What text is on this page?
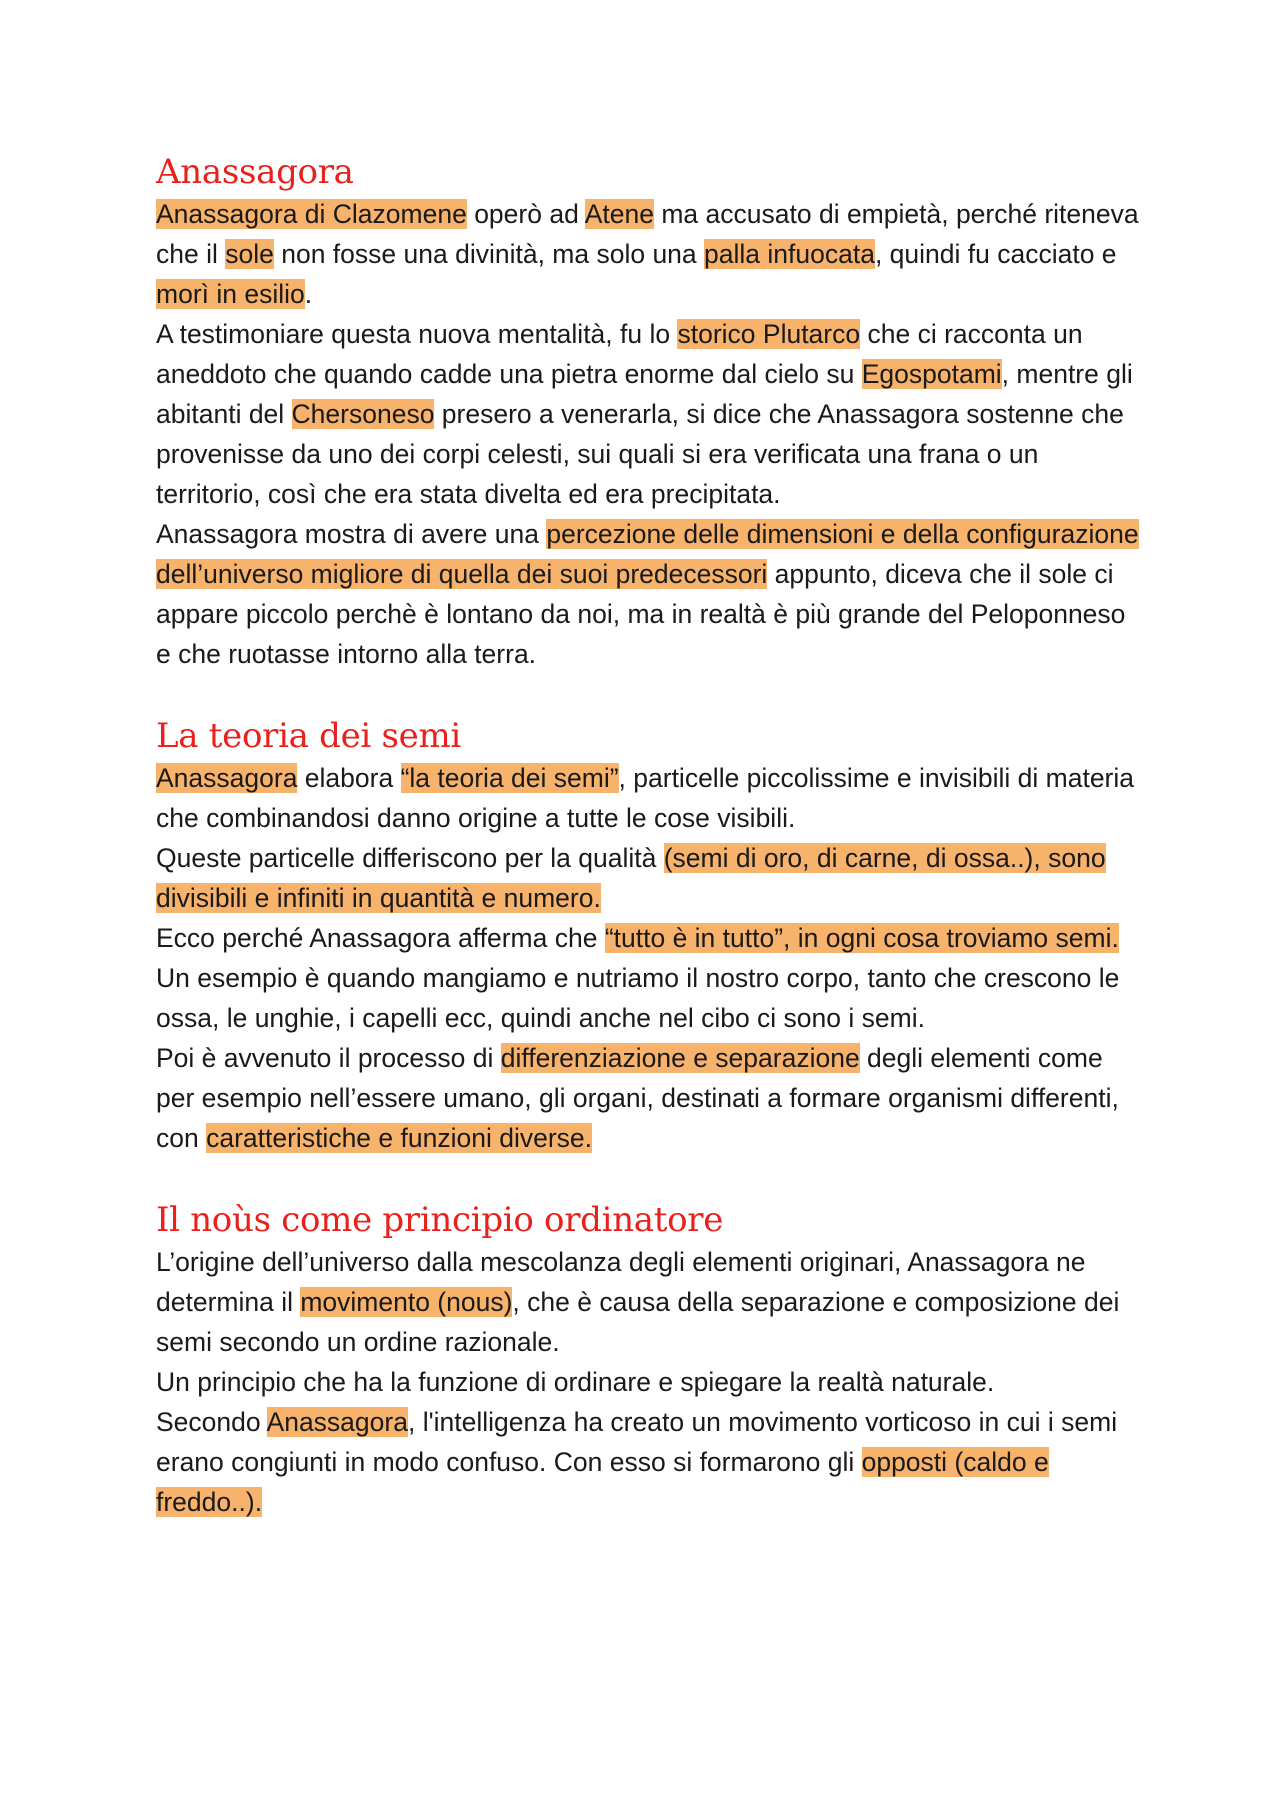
Anassagora

Anassagora di Clazomene operò ad Atene ma accusato di empietà, perché riteneva che il sole non fosse una divinità, ma solo una palla infuocata, quindi fu cacciato e morì in esilio.

A testimoniare questa nuova mentalità, fu lo storico Plutarco che ci racconta un aneddoto che quando cadde una pietra enorme dal cielo su Egospotami, mentre gli abitanti del Chersoneso presero a venerarla, si dice che Anassagora sostenne che provenisse da uno dei corpi celesti, sui quali si era verificata una frana o un territorio, così che era stata divelta ed era precipitata.

Anassagora mostra di avere una percezione delle dimensioni e della configurazione dell’universo migliore di quella dei suoi predecessori appunto, diceva che il sole ci appare piccolo perchè è lontano da noi, ma in realtà è più grande del Peloponneso e che ruotasse intorno alla terra.

La teoria dei semi

Anassagora elabora “la teoria dei semi”, particelle piccolissime e invisibili di materia che combinandosi danno origine a tutte le cose visibili.

Queste particelle differiscono per la qualità (semi di oro, di carne, di ossa..), sono divisibili e infiniti in quantità e numero.

Ecco perché Anassagora afferma che “tutto è in tutto”, in ogni cosa troviamo semi.

Un esempio è quando mangiamo e nutriamo il nostro corpo, tanto che crescono le ossa, le unghie, i capelli ecc, quindi anche nel cibo ci sono i semi.

Poi è avvenuto il processo di differenziazione e separazione degli elementi come per esempio nell’essere umano, gli organi, destinati a formare organismi differenti, con caratteristiche e funzioni diverse.

Il noùs come principio ordinatore

L’origine dell’universo dalla mescolanza degli elementi originari, Anassagora ne determina il movimento (nous), che è causa della separazione e composizione dei semi secondo un ordine razionale.

Un principio che ha la funzione di ordinare e spiegare la realtà naturale.

Secondo Anassagora, l'intelligenza ha creato un movimento vorticoso in cui i semi erano congiunti in modo confuso. Con esso si formarono gli opposti (caldo e freddo..).
